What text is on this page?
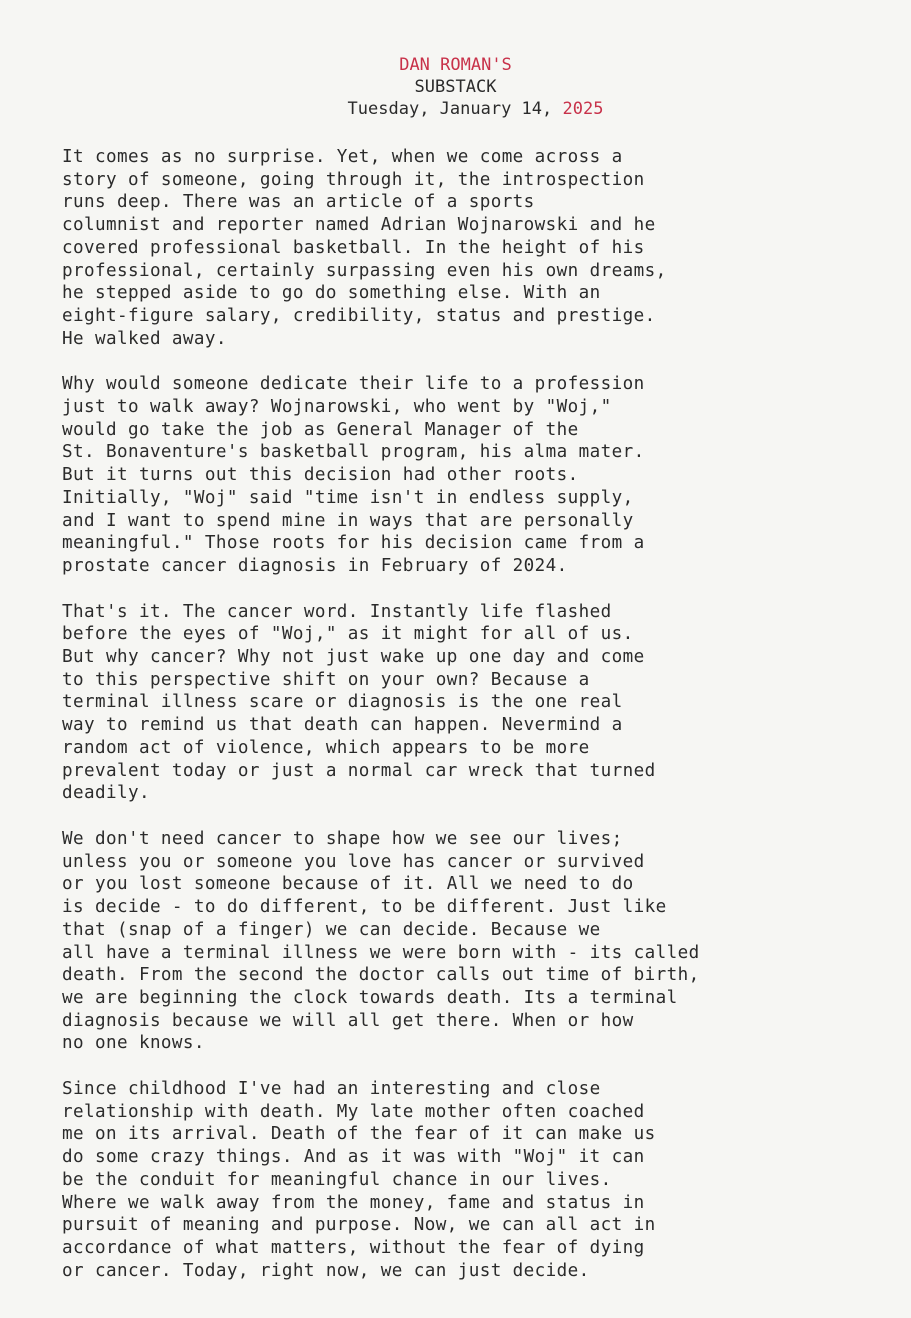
DAN ROMAN'S
SUBSTACK
Tuesday, January 14, 2025
It comes as no surprise. Yet, when we come across a
story of someone, going through it, the introspection
runs deep. There was an article of a sports
columnist and reporter named Adrian Wojnarowski and he
covered professional basketball. In the height of his
professional, certainly surpassing even his own dreams,
he stepped aside to go do something else. With an
eight-figure salary, credibility, status and prestige.
He walked away.
Why would someone dedicate their life to a profession
just to walk away? Wojnarowski, who went by "Woj,"
would go take the job as General Manager of the
St. Bonaventure's basketball program, his alma mater.
But it turns out this decision had other roots.
Initially, "Woj" said "time isn't in endless supply,
and I want to spend mine in ways that are personally
meaningful." Those roots for his decision came from a
prostate cancer diagnosis in February of 2024.
That's it. The cancer word. Instantly life flashed
before the eyes of "Woj," as it might for all of us.
But why cancer? Why not just wake up one day and come
to this perspective shift on your own? Because a
terminal illness scare or diagnosis is the one real
way to remind us that death can happen. Nevermind a
random act of violence, which appears to be more
prevalent today or just a normal car wreck that turned
deadily.
We don't need cancer to shape how we see our lives;
unless you or someone you love has cancer or survived
or you lost someone because of it. All we need to do
is decide - to do different, to be different. Just like
that (snap of a finger) we can decide. Because we
all have a terminal illness we were born with - its called
death. From the second the doctor calls out time of birth,
we are beginning the clock towards death. Its a terminal
diagnosis because we will all get there. When or how
no one knows.
Since childhood I've had an interesting and close
relationship with death. My late mother often coached
me on its arrival. Death of the fear of it can make us
do some crazy things. And as it was with "Woj" it can
be the conduit for meaningful chance in our lives.
Where we walk away from the money, fame and status in
pursuit of meaning and purpose. Now, we can all act in
accordance of what matters, without the fear of dying
or cancer. Today, right now, we can just decide.
